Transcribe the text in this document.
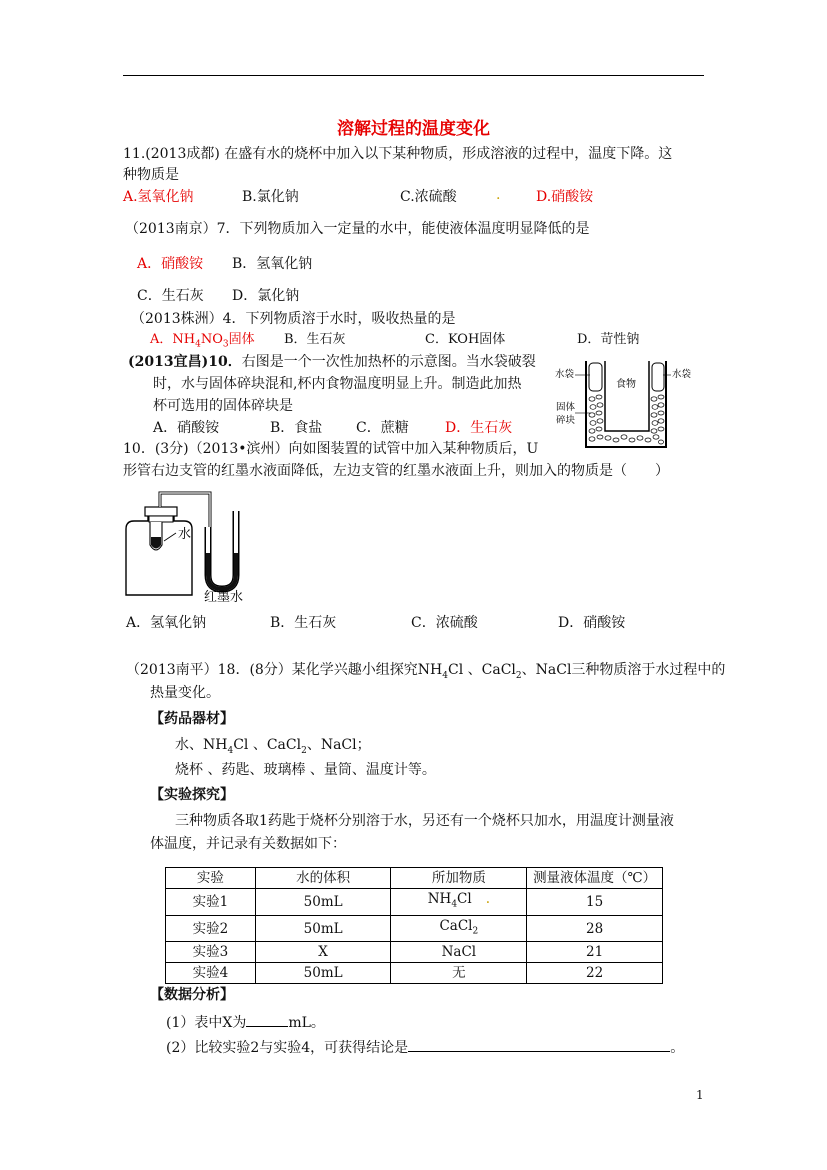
溶解过程的温度变化
11.(2013成都) 在盛有水的烧杯中加入以下某种物质，形成溶液的过程中，温度下降。这
种物质是
A.氢氧化钠	B.氯化钠	C.浓硫酸	.	D.硝酸铵
（2013南京）7．下列物质加入一定量的水中，能使液体温度明显降低的是
A．硝酸铵 B．氢氧化钠
C．生石灰 D．氯化钠
（2013株洲）4．下列物质溶于水时，吸收热量的是
A．$NH_4NO_3$固体 B．生石灰	C．KOH固体	D．苛性钠
(2013宜昌)10．右图是一个一次性加热杯的示意图。当水袋破裂
时，水与固体碎块混和,杯内食物温度明显上升。制造此加热
杯可选用的固体碎块是
A．硝酸铵	B．食盐 C．蔗糖	D．生石灰
水袋	水袋
食物
固体
碎块
10．(3分)（2013•滨州）向如图装置的试管中加入某种物质后，U
形管右边支管的红墨水液面降低，左边支管的红墨水液面上升，则加入的物质是（　　）
水
红墨水
A．氢氧化钠	B．生石灰	C．浓硫酸	D．硝酸铵
（2013南平）18．(8分）某化学兴趣小组探究$NH_4Cl$ 、CaCl$_2$、NaCl三种物质溶于水过程中的
热量变化。
【药品器材】
水、$NH_4Cl$ 、CaCl$_2$、NaCl；
烧杯 、药匙、玻璃棒 、量筒、温度计等。
【实验探究】
三种物质各取1药匙于烧杯分别溶于水，另还有一个烧杯只加水，用温度计测量液
体温度，并记录有关数据如下：
实验	水的体积	所加物质	测量液体温度（℃）
实验1	50mL	$NH_4Cl$ .	15
实验2	50mL	CaCl$_2$	28
实验3	X	NaCl	21
实验4	50mL	无	22
【数据分析】
(1）表中X为	mL。
(2）比较实验2与实验4，可获得结论是	。
1
